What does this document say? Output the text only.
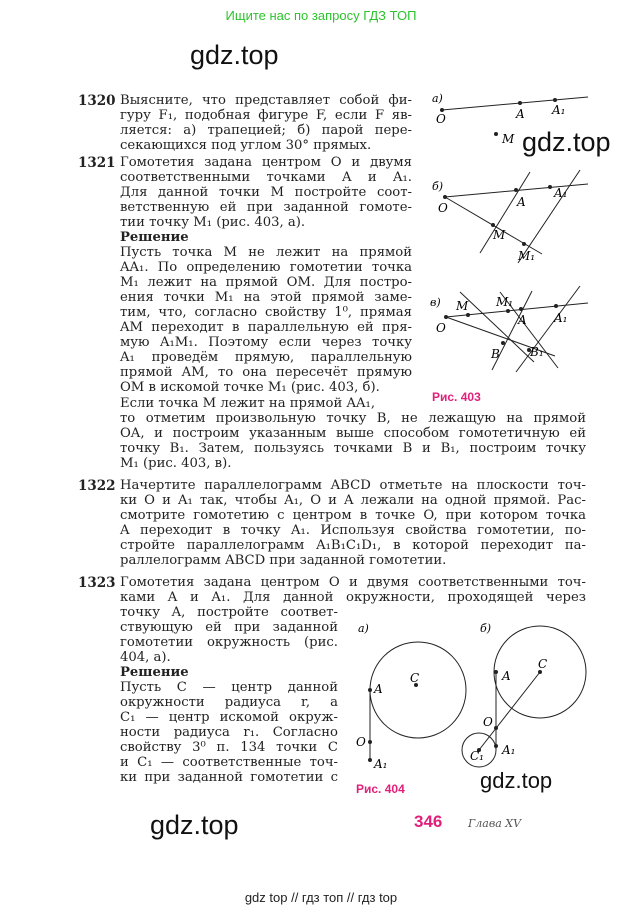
Ищите нас по запросу ГДЗ ТОП
gdz.top
gdz.top
gdz.top
gdz.top
1320 Выясните, что представляет собой фи-
гуру F₁, подобная фигуре F, если F яв-
ляется: а) трапецией; б) парой пере-
секающихся под углом 30° прямых.
1321 Гомотетия задана центром O и двумя
соответственными точками A и A₁.
Для данной точки M постройте соот-
ветственную ей при заданной гомоте-
тии точку M₁ (рис. 403, а).
Решение
Пусть точка M не лежит на прямой
AA₁. По определению гомотетии точка
M₁ лежит на прямой OM. Для постро-
ения точки M₁ на этой прямой заме-
тим, что, согласно свойству 1⁰, прямая
AM переходит в параллельную ей пря-
мую A₁M₁. Поэтому если через точку
A₁ проведём прямую, параллельную
прямой AM, то она пересечёт прямую
OM в искомой точке M₁ (рис. 403, б).
Если точка M лежит на прямой AA₁,
то отметим произвольную точку B, не лежащую на прямой
OA, и построим указанным выше способом гомотетичную ей
точку B₁. Затем, пользуясь точками B и B₁, построим точку
M₁ (рис. 403, в).
1322 Начертите параллелограмм ABCD отметьте на плоскости точ-
ки O и A₁ так, чтобы A₁, O и A лежали на одной прямой. Рас-
смотрите гомотетию с центром в точке O, при котором точка
A переходит в точку A₁. Используя свойства гомотетии, по-
стройте параллелограмм A₁B₁C₁D₁, в которой переходит па-
раллелограмм ABCD при заданной гомотетии.
1323 Гомотетия задана центром O и двумя соответственными точ-
ками A и A₁. Для данной окружности, проходящей через
точку A, постройте соответ-
ствующую ей при заданной
гомотетии окружность (рис.
404, а).
Решение
Пусть C — центр данной
окружности радиуса r, а
C₁ — центр искомой окруж-
ности радиуса r₁. Согласно
свойству 3⁰ п. 134 точки C
и C₁ — соответственные точ-
ки при заданной гомотетии с
а)
O	A A₁
M
б)
O	A
A₁
M
M₁
в)
O
M M₁
A A₁
B	B₁
Рис. 403
а)
A
C
O
A₁
б)
A
C
O
A₁
C₁
Рис. 404
346 Глава XV
gdz top // гдз топ // гдз top
